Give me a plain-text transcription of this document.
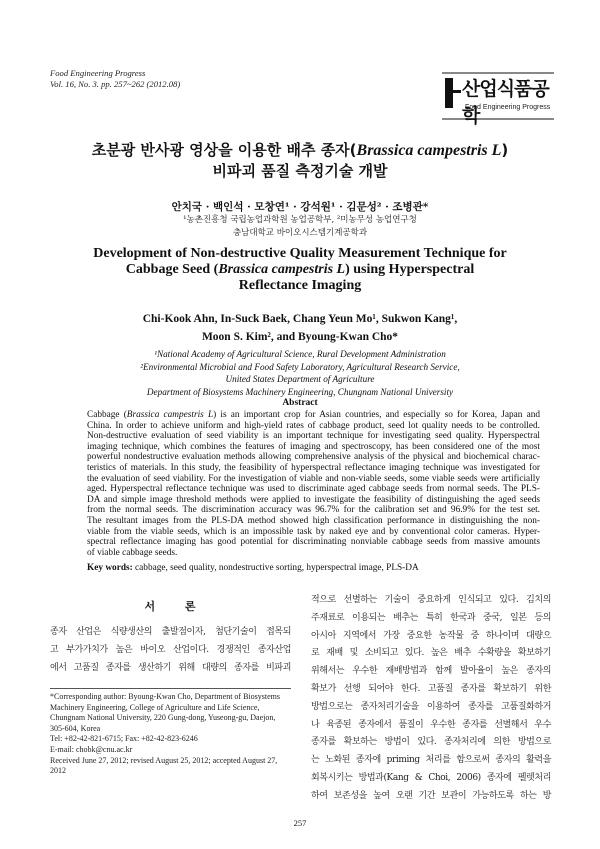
Food Engineering Progress
Vol. 16, No. 3. pp. 257~262 (2012.08)	산업식품공학
Food Engineering Progress
초분광 반사광 영상을 이용한 배추 종자(Brassica campestris L)
비파괴 품질 측정기술 개발
안치국 · 백인석 · 모창연¹ · 강석원¹ · 김문성² · 조병관*
¹농촌진흥청 국립농업과학원 농업공학부, ²미농무성 농업연구청
충남대학교 바이오시스템기계공학과
Development of Non-destructive Quality Measurement Technique for
Cabbage Seed (Brassica campestris L) using Hyperspectral
Reflectance Imaging
Chi-Kook Ahn, In-Suck Baek, Chang Yeun Mo¹, Sukwon Kang¹,
Moon S. Kim², and Byoung-Kwan Cho*
¹National Academy of Agricultural Science, Rural Development Administration
²Environmental Microbial and Food Safety Laboratory, Agricultural Research Service,
United States Department of Agriculture
Department of Biosystems Machinery Engineering, Chungnam National University
Abstract
Cabbage (Brassica campestris L) is an important crop for Asian countries, and especially so for Korea, Japan and
China. In order to achieve uniform and high-yield rates of cabbage product, seed lot quality needs to be controlled.
Non-destructive evaluation of seed viability is an important technique for investigating seed quality. Hyperspectral
imaging technique, which combines the features of imaging and spectroscopy, has been considered one of the most
powerful nondestructive evaluation methods allowing comprehensive analysis of the physical and biochemical charac-
teristics of materials. In this study, the feasibility of hyperspectral reflectance imaging technique was investigated for
the evaluation of seed viability. For the investigation of viable and non-viable seeds, some viable seeds were artificially
aged. Hyperspectral reflectance technique was used to discriminate aged cabbage seeds from normal seeds. The PLS-
DA and simple image threshold methods were applied to investigate the feasibility of distinguishing the aged seeds
from the normal seeds. The discrimination accuracy was 96.7% for the calibration set and 96.9% for the test set.
The resultant images from the PLS-DA method showed high classification performance in distinguishing the non-
viable from the viable seeds, which is an impossible task by naked eye and by conventional color cameras. Hyper-
spectral reflectance imaging has good potential for discriminating nonviable cabbage seeds from massive amounts
of viable cabbage seeds.
Key words: cabbage, seed quality, nondestructive sorting, hyperspectral image, PLS-DA
서 론
종자 산업은 식량생산의 출발점이자, 첨단기술이 접목되
고 부가가치가 높은 바이오 산업이다. 경쟁적인 종자산업
에서 고품질 종자를 생산하기 위해 대량의 종자를 비파괴
*Corresponding author: Byoung-Kwan Cho, Department of Biosystems
Machinery Engineering, College of Agriculture and Life Science,
Chungnam National University, 220 Gung-dong, Yuseong-gu, Daejon,
305-604, Korea
Tel: +82-42-821-6715; Fax: +82-42-823-6246
E-mail: chobk@cnu.ac.kr
Received June 27, 2012; revised August 25, 2012; accepted August 27,
2012
적으로 선별하는 기술이 중요하게 인식되고 있다. 김치의
주재료로 이용되는 배추는 특히 한국과 중국, 일본 등의
아시아 지역에서 가장 중요한 농작물 중 하나이며 대량으
로 재배 및 소비되고 있다. 높은 배추 수확량을 확보하기
위해서는 우수한 재배방법과 함께 발아율이 높은 종자의
확보가 선행 되어야 한다. 고품질 종자를 확보하기 위한
방법으로는 종자처리기술을 이용하여 종자를 고품질화하거
나 육종된 종자에서 품질이 우수한 종자를 선별해서 우수
종자를 확보하는 방법이 있다. 종자처리에 의한 방법으로
는 노화된 종자에 priming 처리를 함으로써 종자의 활력을
회복시키는 방법과(Kang & Choi, 2006) 종자에 펠렛처리
하여 보존성을 높여 오랜 기간 보관이 가능하도록 하는 방
257
